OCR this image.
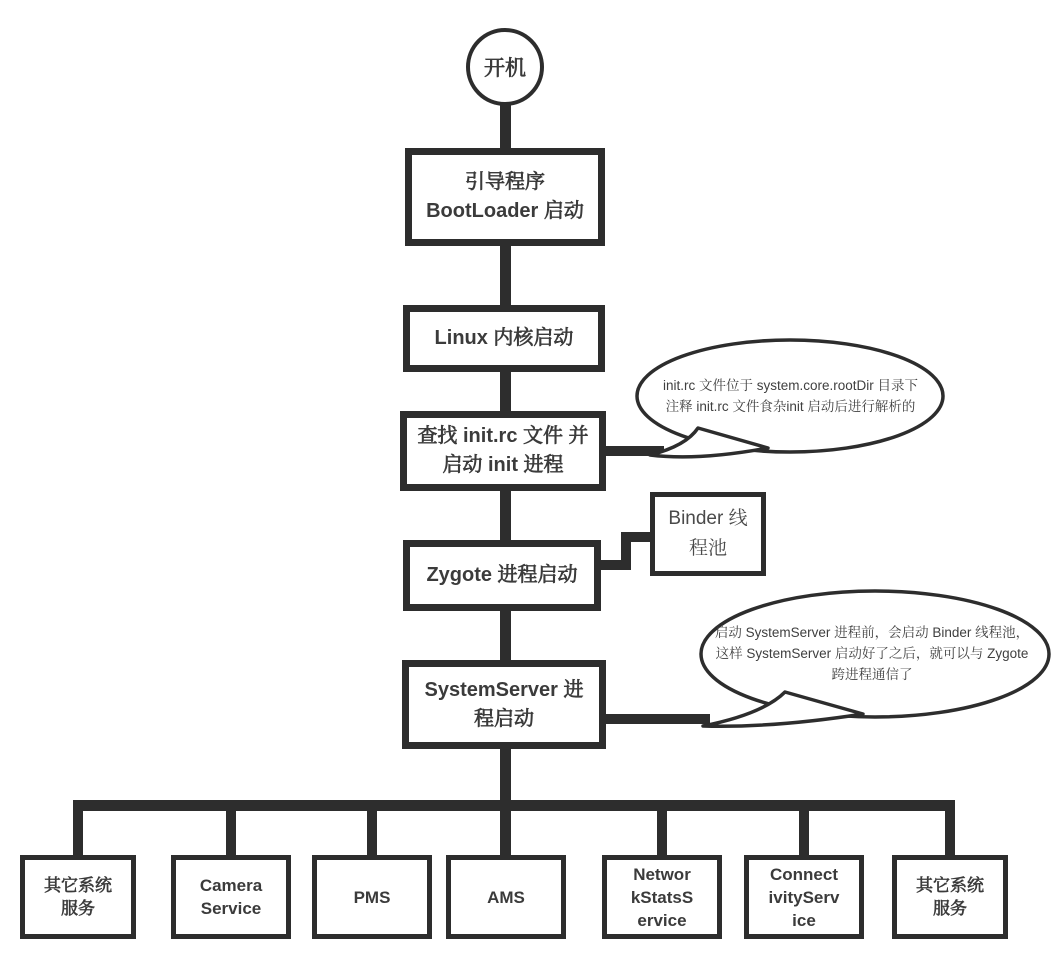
开机
引导程序
BootLoader 启动
Linux 内核启动
查找 init.rc 文件 并
启动 init 进程
Zygote 进程启动
SystemServer 进
程启动
Binder 线
程池
init.rc 文件位于 system.core.rootDir 目录下
注释 init.rc 文件食杂init 启动后进行解析的
启动 SystemServer 进程前，会启动 Binder 线程池，
这样 SystemServer 启动好了之后，就可以与 Zygote
跨进程通信了
其它系统
服务
Camera
Service
PMS	AMS
Networ
kStatsS
ervice
Connect
ivityServ
ice
其它系统
服务
